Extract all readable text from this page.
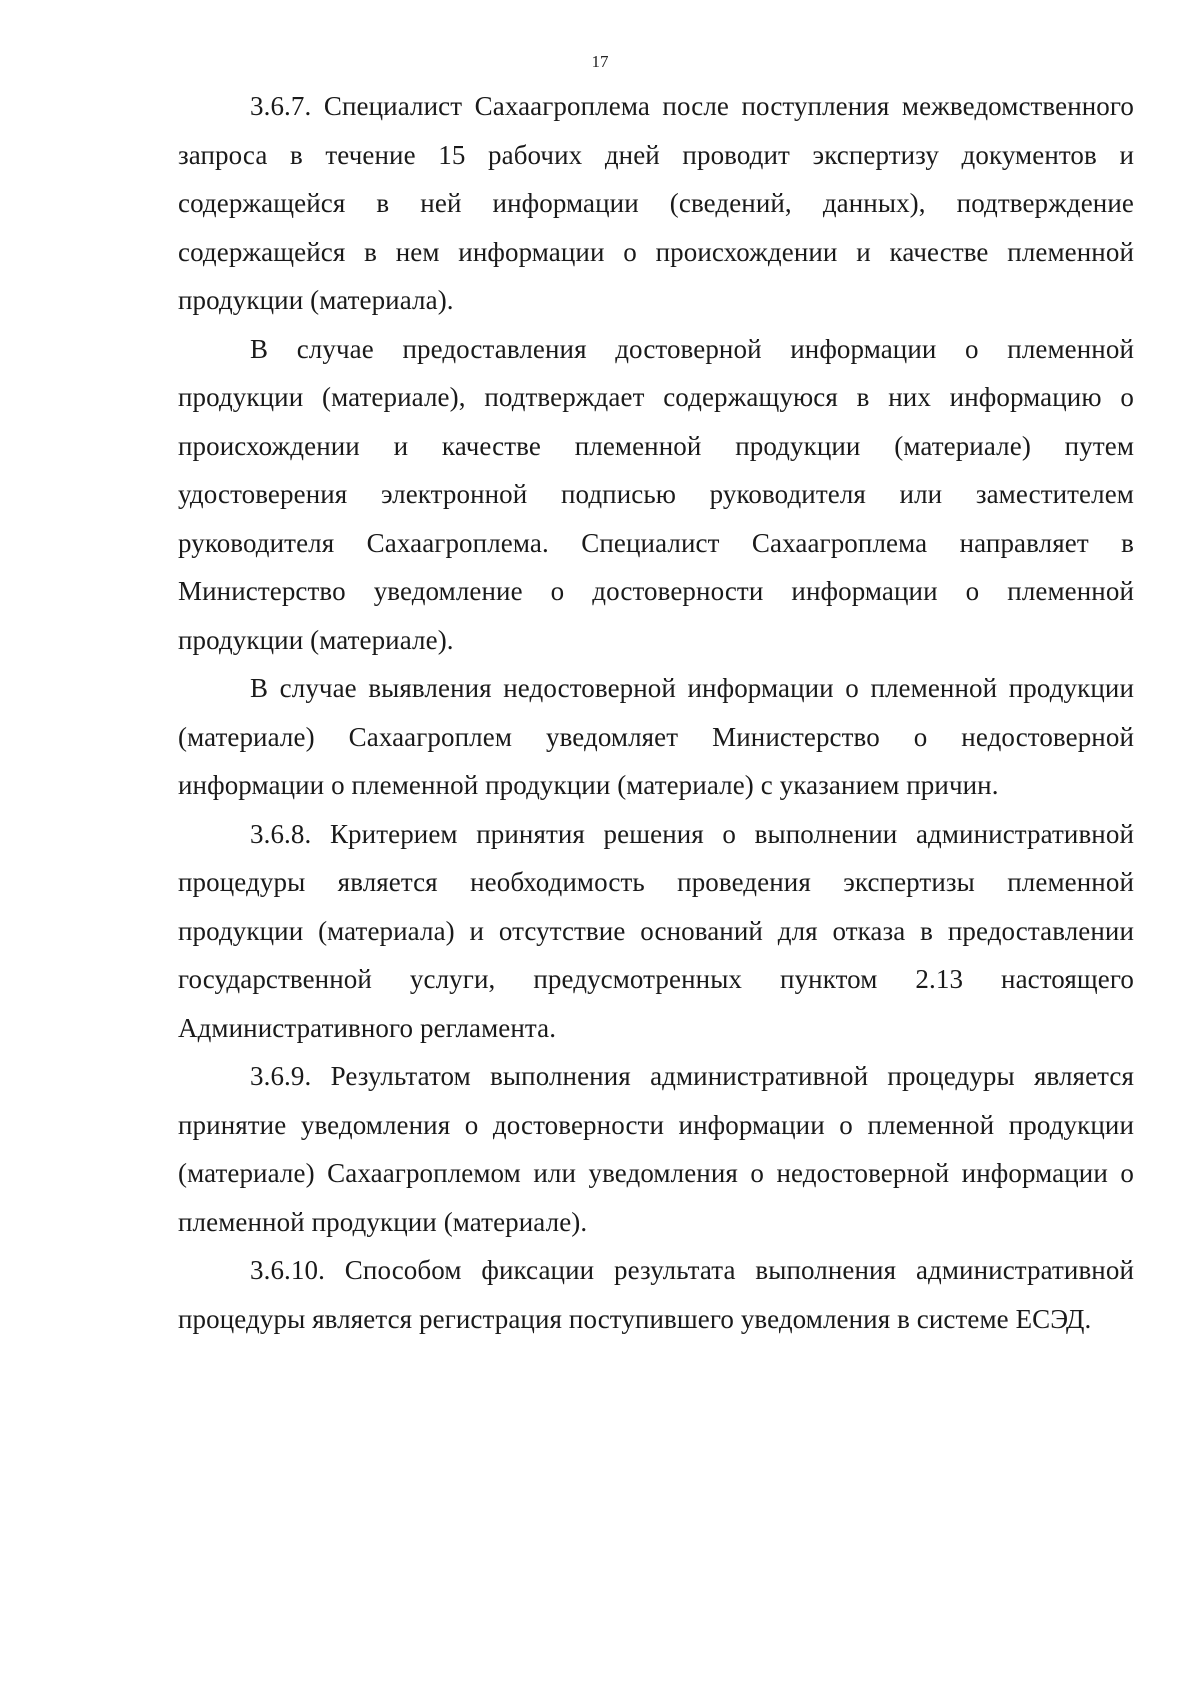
17

3.6.7. Специалист Сахаагроплема после поступления межведомственного запроса в течение 15 рабочих дней проводит экспертизу документов и содержащейся в ней информации (сведений, данных), подтверждение содержащейся в нем информации о происхождении и качестве племенной продукции (материала).

В случае предоставления достоверной информации о племенной продукции (материале), подтверждает содержащуюся в них информацию о происхождении и качестве племенной продукции (материале) путем удостоверения электронной подписью руководителя или заместителем руководителя Сахаагроплема. Специалист Сахаагроплема направляет в Министерство уведомление о достоверности информации о племенной продукции (материале).

В случае выявления недостоверной информации о племенной продукции (материале) Сахаагроплем уведомляет Министерство о недостоверной информации о племенной продукции (материале) с указанием причин.

3.6.8. Критерием принятия решения о выполнении административной процедуры является необходимость проведения экспертизы племенной продукции (материала) и отсутствие оснований для отказа в предоставлении государственной услуги, предусмотренных пунктом 2.13 настоящего Административного регламента.

3.6.9. Результатом выполнения административной процедуры является принятие уведомления о достоверности информации о племенной продукции (материале) Сахаагроплемом или уведомления о недостоверной информации о племенной продукции (материале).

3.6.10. Способом фиксации результата выполнения административной процедуры является регистрация поступившего уведомления в системе ЕСЭД.
